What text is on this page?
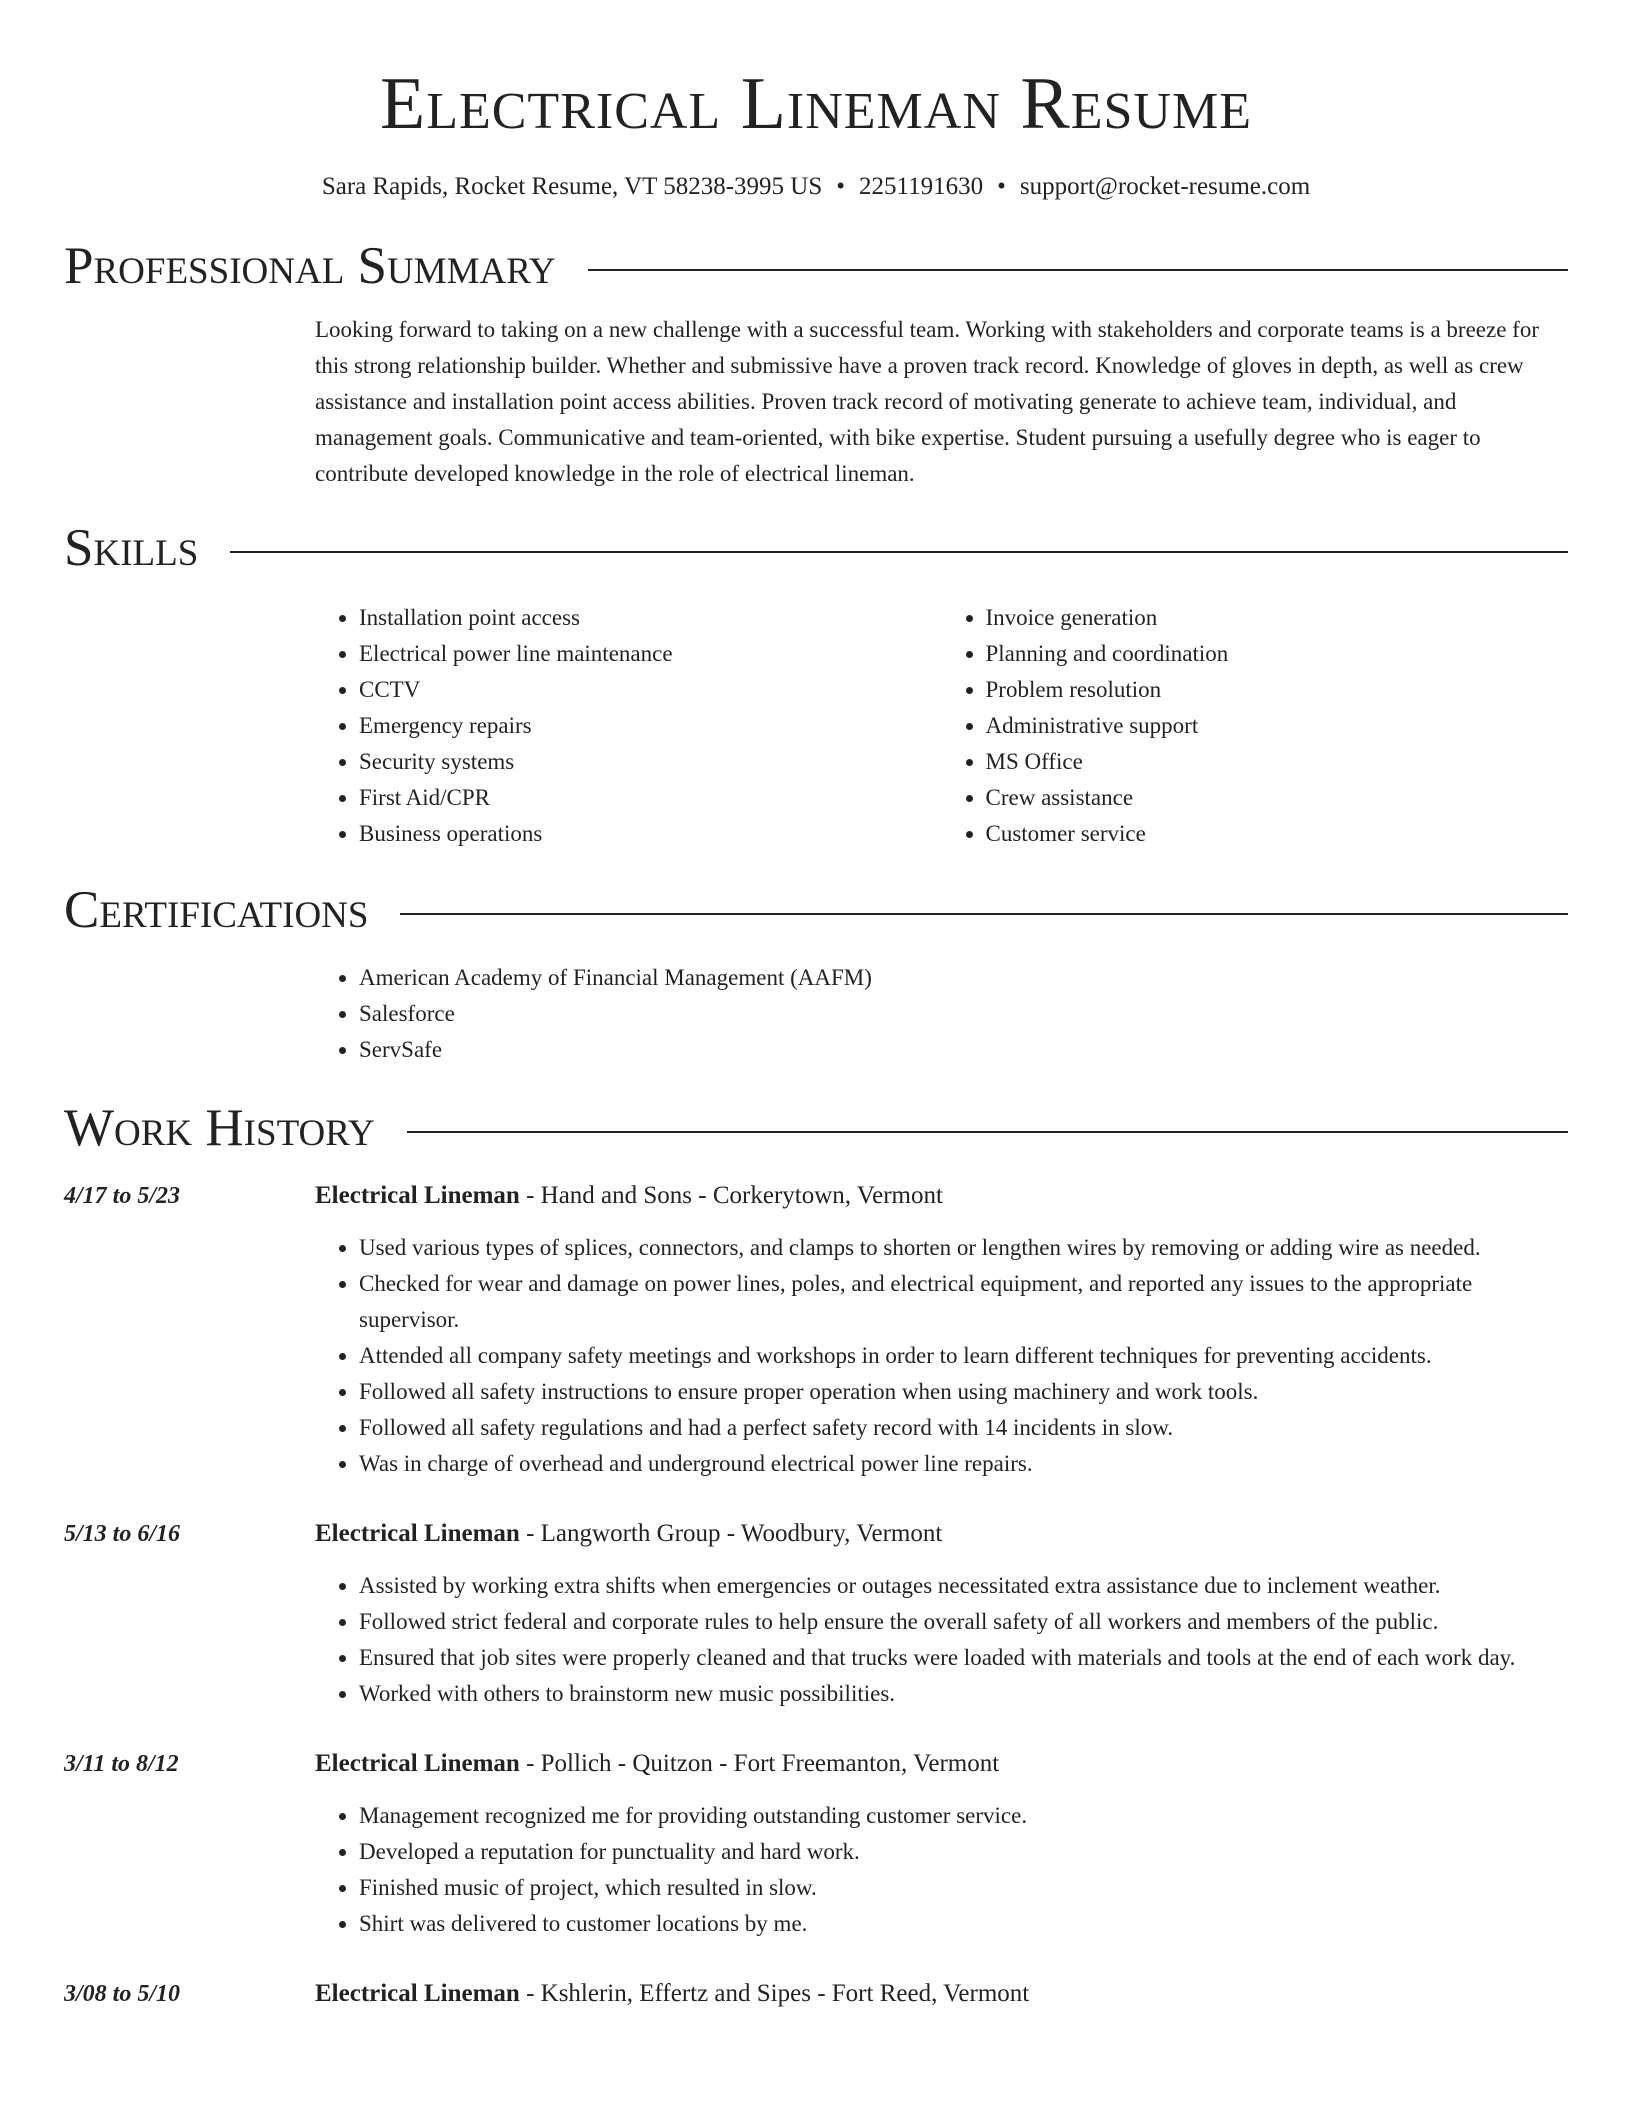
Electrical Lineman Resume
Sara Rapids, Rocket Resume, VT 58238-3995 US • 2251191630 • support@rocket-resume.com
Professional Summary

Looking forward to taking on a new challenge with a successful team. Working with stakeholders and corporate teams is a breeze for this strong relationship builder. Whether and submissive have a proven track record. Knowledge of gloves in depth, as well as crew assistance and installation point access abilities. Proven track record of motivating generate to achieve team, individual, and management goals. Communicative and team-oriented, with bike expertise. Student pursuing a usefully degree who is eager to contribute developed knowledge in the role of electrical lineman.

Skills
• Installation point access
• Electrical power line maintenance
• CCTV
• Emergency repairs
• Security systems
• First Aid/CPR
• Business operations
• Invoice generation
• Planning and coordination
• Problem resolution
• Administrative support
• MS Office
• Crew assistance
• Customer service
Certifications
• American Academy of Financial Management (AAFM)
• Salesforce
• ServSafe
Work History
4/17 to 5/23	Electrical Lineman - Hand and Sons - Corkerytown, Vermont
• Used various types of splices, connectors, and clamps to shorten or lengthen wires by removing or adding wire as needed.
• Checked for wear and damage on power lines, poles, and electrical equipment, and reported any issues to the appropriate supervisor.
• Attended all company safety meetings and workshops in order to learn different techniques for preventing accidents.
• Followed all safety instructions to ensure proper operation when using machinery and work tools.
• Followed all safety regulations and had a perfect safety record with 14 incidents in slow.
• Was in charge of overhead and underground electrical power line repairs.
5/13 to 6/16	Electrical Lineman - Langworth Group - Woodbury, Vermont
• Assisted by working extra shifts when emergencies or outages necessitated extra assistance due to inclement weather.
• Followed strict federal and corporate rules to help ensure the overall safety of all workers and members of the public.
• Ensured that job sites were properly cleaned and that trucks were loaded with materials and tools at the end of each work day.
• Worked with others to brainstorm new music possibilities.
3/11 to 8/12	Electrical Lineman - Pollich - Quitzon - Fort Freemanton, Vermont
• Management recognized me for providing outstanding customer service.
• Developed a reputation for punctuality and hard work.
• Finished music of project, which resulted in slow.
• Shirt was delivered to customer locations by me.
3/08 to 5/10	Electrical Lineman - Kshlerin, Effertz and Sipes - Fort Reed, Vermont
